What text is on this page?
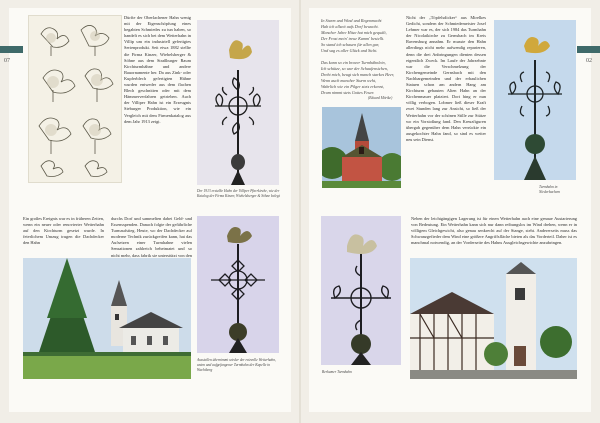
07	02
Dürfte der Oberlachener Hahn wenig mit der Eigenschöpfung eines begabten Schmiedes zu tun haben, so handelt es sich bei dem Wetterhahn in Villip um ein industriell gefertigtes Serienprodukt. Seit etwa 1882 stellte die Firma Kinzer, Wiebelsberger & Söhne aus dem Straßburger Raum Kirchturmhähne und andere Bauornamente her. Da aus Zink- oder Kupferblech gefertigten Hähne wurden entweder aus dem flachen Blech geschnitten oder mit dem Hämmerverfahren getrieben. Auch der Villiper Hahn ist ein Erzeugnis Sieburger Produktion, wie ein Vergleich mit dem Firmenkatalog aus dem Jahr 1913 zeigt.
Der 1913 erstellte Hahn der Villiper Pfarrkirche, wie der Katalog der Firma Kinzer, Wiebelsberger & Söhne belegt
In Sturm und Wind und Regenmacht
Hab ich allzeit aufs Dorf bewacht.
Mancher Jahre Hitze hat mich gequält,
Der Frost mein' treue Kamm' bestellt.
So stand ich schauen für allen gar,
Und sag es aller Glück und Sicht.
Das kann so ein braver Turmhähnlein,
Ich schütze, so war der Schaufensichen,
Dreht mich, beugt sich manch starkes Heer,
Wenn auch mancher Sturm weht,
Wahrlich wie ein Pilger stets erkennt,
Drum nimmt stets Gottes Feuer.
(Eduard Mörike)
Nicht der „Töpfelsdicker“ aus Mirelkes Gedicht, sondern der Schmiedemeister Josef Lehmer war es, der sich 1984 das Turmhahn der Nicolaikirche zu Gernsbach im Kreis Ravensburg annahm. Er musste den Hahn allerdings nicht mehr aufwendig reparieren, denn die drei Anbringungen dienten dessen eigentlich Zweck. Im Laufe der Jahrzehnte war die Verschmelzung der Kirchengemeinde Gernsbach mit den Nachbargemeinden und der erbaulichen Statuen schon am andern Hang am Kirchturm gebauten Alten Hahn an der Kirchenmauer platziert. Dort hing er nun völlig verbogen. Lobmer ließ dieser Kraft zwei Stunden lang zur Ansicht, so ließ der Wetterhahn vor der schönen Stille zur Stütze wo ein Vorstoßung fand. Den Kreuzfiguren übergab gegenüber dem Hahn verrückte ein ausgekochter Hahn fand, so sind es weiter neu sein Dienst.
Turmhahn in Niederbachem
Ein großes Ereignis war es in früheren Zeiten, wenn ein neuer oder renovierter Wetterhahn auf den Kirchturm gesetzt wurde. In feierlichem Umzug trugen die Dachdecker den Hahn
durchs Dorf und sammelten dabei Geld- und Essensspenden. Danach folgte der gefährliche Turmaufstieg. Heute, wo der Dachdecker auf moderne Technik zurückgreifen kann, hat das Aufsetzen einer Turmhahne vielen Sensationen zahlreich beheimatet und so nicht mehr, dass fabrik sie unterstützt von den
Ausstellen übernimmt wieder der reizvolle Wetterhahn, unten und aufgefangener Turmhahn der Kapelle in Wachtberg
Berkumer Turmhahn
Neben der leichtgängigen Lagerung ist für einen Wetterhahn auch eine genaue Austarierung von Bedeutung. Ein Wetterhahn kann sich nur dann reibungslos im Wind drehen, wenn er in völligem Gleichgewicht, also genau senkrecht auf der Stange, steht. Andererseits muss das Schwanzgefieder dem Wind eine größere Angriffsfläche bieten als das Vorderteil. Daher ist es manchmal notwendig, an der Vorderseite des Hahns Ausgleichsgewichte anzubringen.
